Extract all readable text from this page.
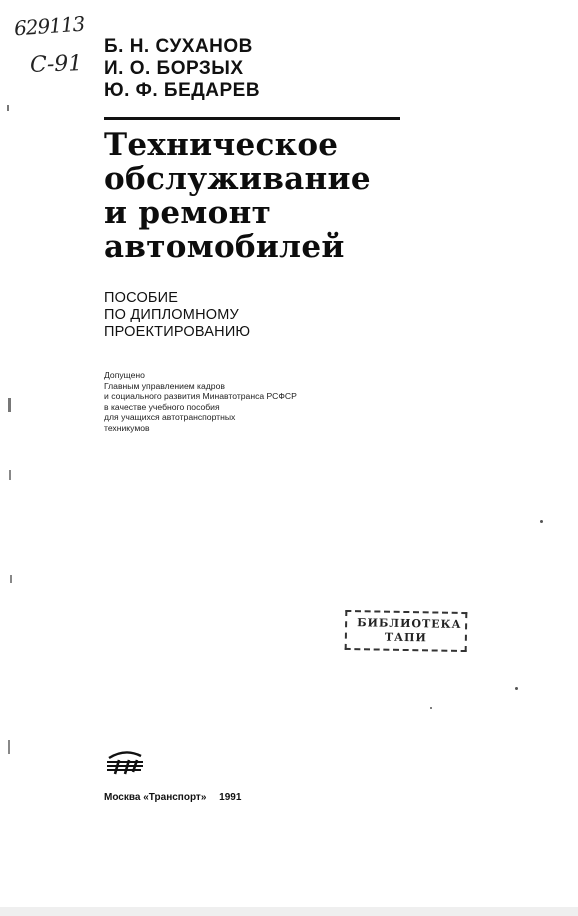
629113
С-91
Б. Н. СУХАНОВ
И. О. БОРЗЫХ
Ю. Ф. БЕДАРЕВ
Техническое
обслуживание
и ремонт
автомобилей
ПОСОБИЕ
ПО ДИПЛОМНОМУ
ПРОЕКТИРОВАНИЮ
Допущено
Главным управлением кадров
и социального развития Минавтотранса РСФСР
в качестве учебного пособия
для учащихся автотранспортных
техникумов
БИБЛИОТЕКА
ТАПИ
Москва «Транспорт» 1991
